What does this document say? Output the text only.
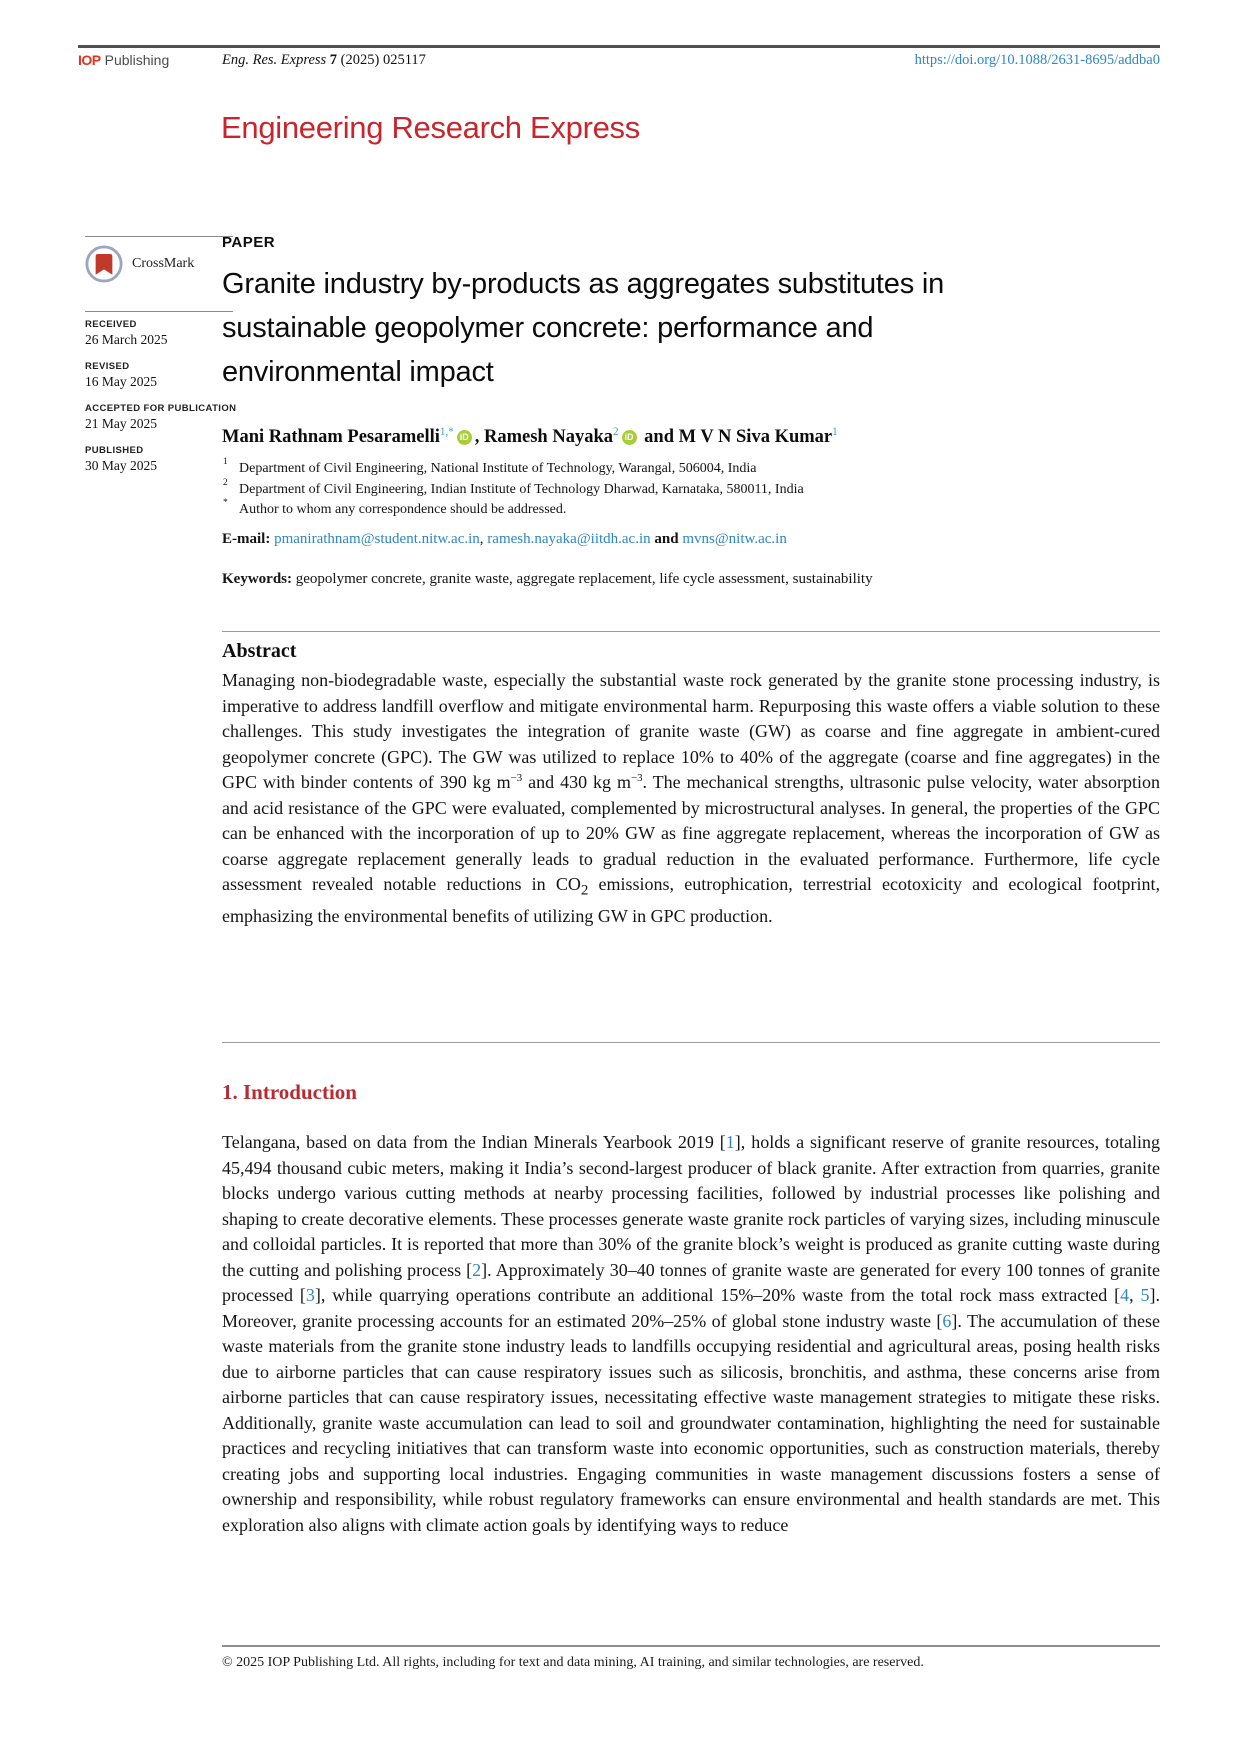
IOP Publishing	Eng. Res. Express 7 (2025) 025117	https://doi.org/10.1088/2631-8695/addba0
Engineering Research Express
CrossMark
RECEIVED
26 March 2025
REVISED
16 May 2025
ACCEPTED FOR PUBLICATION
21 May 2025
PUBLISHED
30 May 2025
PAPER
Granite industry by-products as aggregates substitutes in sustainable geopolymer concrete: performance and environmental impact
Mani Rathnam Pesaramelli$^{1,*}$ iD , Ramesh Nayaka$^2$ iD and M V N Siva Kumar$^1$
1 Department of Civil Engineering, National Institute of Technology, Warangal, 506004, India
2 Department of Civil Engineering, Indian Institute of Technology Dharwad, Karnataka, 580011, India
* Author to whom any correspondence should be addressed.
E-mail: pmanirathnam@student.nitw.ac.in, ramesh.nayaka@iitdh.ac.in and mvns@nitw.ac.in
Keywords: geopolymer concrete, granite waste, aggregate replacement, life cycle assessment, sustainability
Abstract

Managing non-biodegradable waste, especially the substantial waste rock generated by the granite stone processing industry, is imperative to address landfill overflow and mitigate environmental harm. Repurposing this waste offers a viable solution to these challenges. This study investigates the integration of granite waste (GW) as coarse and fine aggregate in ambient-cured geopolymer concrete (GPC). The GW was utilized to replace 10% to 40% of the aggregate (coarse and fine aggregates) in the GPC with binder contents of 390 kg $m^{-3}$ and 430 kg $m^{-3}$. The mechanical strengths, ultrasonic pulse velocity, water absorption and acid resistance of the GPC were evaluated, complemented by microstructural analyses. In general, the properties of the GPC can be enhanced with the incorporation of up to 20% GW as fine aggregate replacement, whereas the incorporation of GW as coarse aggregate replacement generally leads to gradual reduction in the evaluated performance. Furthermore, life cycle assessment revealed notable reductions in $CO_2$ emissions, eutrophication, terrestrial ecotoxicity and ecological footprint, emphasizing the environmental benefits of utilizing GW in GPC production.

1. Introduction

Telangana, based on data from the Indian Minerals Yearbook 2019 [1], holds a significant reserve of granite resources, totaling 45,494 thousand cubic meters, making it India’s second-largest producer of black granite. After extraction from quarries, granite blocks undergo various cutting methods at nearby processing facilities, followed by industrial processes like polishing and shaping to create decorative elements. These processes generate waste granite rock particles of varying sizes, including minuscule and colloidal particles. It is reported that more than 30% of the granite block’s weight is produced as granite cutting waste during the cutting and polishing process [2]. Approximately 30–40 tonnes of granite waste are generated for every 100 tonnes of granite processed [3], while quarrying operations contribute an additional 15%–20% waste from the total rock mass extracted [4, 5]. Moreover, granite processing accounts for an estimated 20%–25% of global stone industry waste [6]. The accumulation of these waste materials from the granite stone industry leads to landfills occupying residential and agricultural areas, posing health risks due to airborne particles that can cause respiratory issues such as silicosis, bronchitis, and asthma, these concerns arise from airborne particles that can cause respiratory issues, necessitating effective waste management strategies to mitigate these risks. Additionally, granite waste accumulation can lead to soil and groundwater contamination, highlighting the need for sustainable practices and recycling initiatives that can transform waste into economic opportunities, such as construction materials, thereby creating jobs and supporting local industries. Engaging communities in waste management discussions fosters a sense of ownership and responsibility, while robust regulatory frameworks can ensure environmental and health standards are met. This exploration also aligns with climate action goals by identifying ways to reduce

© 2025 IOP Publishing Ltd. All rights, including for text and data mining, AI training, and similar technologies, are reserved.
